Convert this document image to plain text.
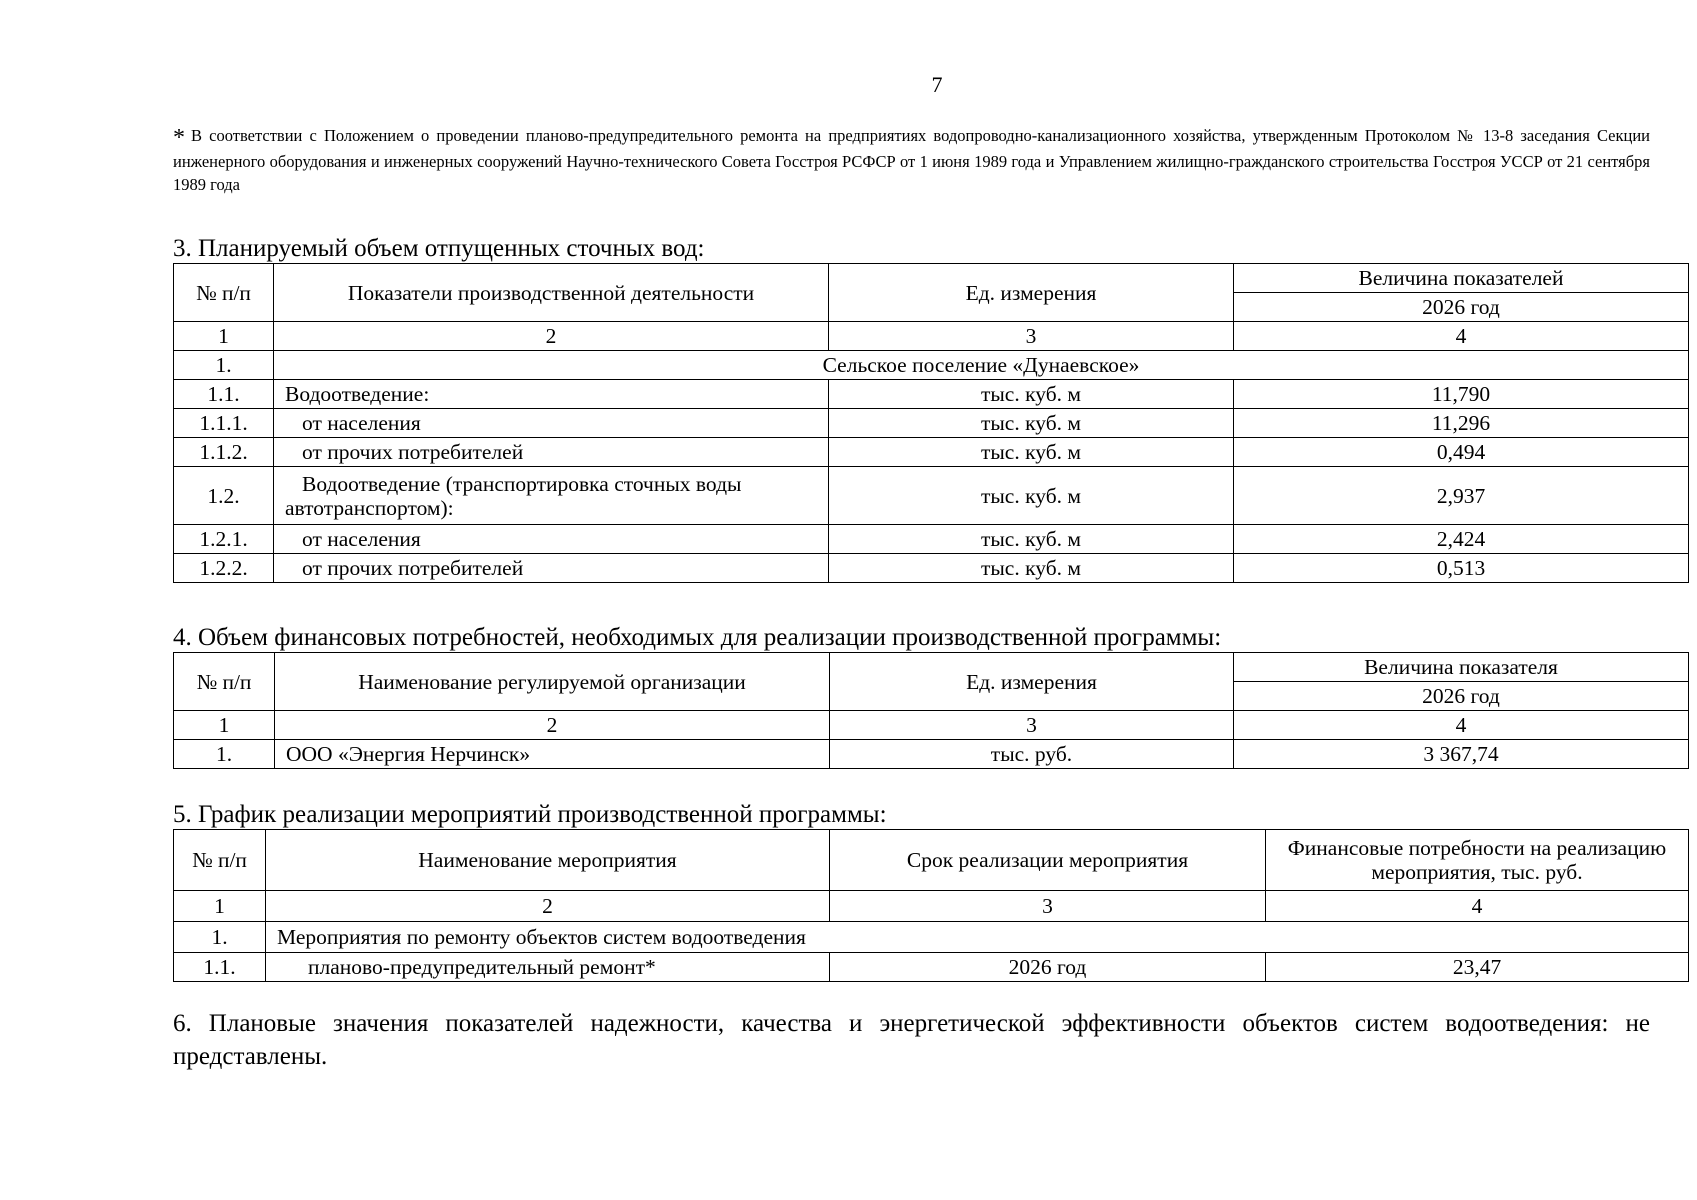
7
* В соответствии с Положением о проведении планово-предупредительного ремонта на предприятиях водопроводно-канализационного хозяйства, утвержденным Протоколом № 13-8 заседания Секции инженерного оборудования и инженерных сооружений Научно-технического Совета Госстроя РСФСР от 1 июня 1989 года и Управлением жилищно-гражданского строительства Госстроя УССР от 21 сентября 1989 года
3. Планируемый объем отпущенных сточных вод:
№ п/п	Показатели производственной деятельности	Ед. измерения	Величина показателей
			2026 год
1	2	3	4
1.	Сельское поселение «Дунаевское»		
1.1.	Водоотведение:	тыс. куб. м	11,790
1.1.1.	от населения	тыс. куб. м	11,296
1.1.2.	от прочих потребителей	тыс. куб. м	0,494
1.2.	Водоотведение (транспортировка сточных воды автотранспортом):	тыс. куб. м	2,937
1.2.1.	от населения	тыс. куб. м	2,424
1.2.2.	от прочих потребителей	тыс. куб. м	0,513
4. Объем финансовых потребностей, необходимых для реализации производственной программы:
№ п/п	Наименование регулируемой организации	Ед. измерения	Величина показателя
			2026 год
1	2	3	4
1.	ООО «Энергия Нерчинск»	тыс. руб.	3 367,74
5. График реализации мероприятий производственной программы:
№ п/п	Наименование мероприятия	Срок реализации мероприятия	Финансовые потребности на реализацию мероприятия, тыс. руб.
1	2	3	4
1.	Мероприятия по ремонту объектов систем водоотведения		
1.1.	планово-предупредительный ремонт*	2026 год	23,47
6. Плановые значения показателей надежности, качества и энергетической эффективности объектов систем водоотведения: не представлены.
